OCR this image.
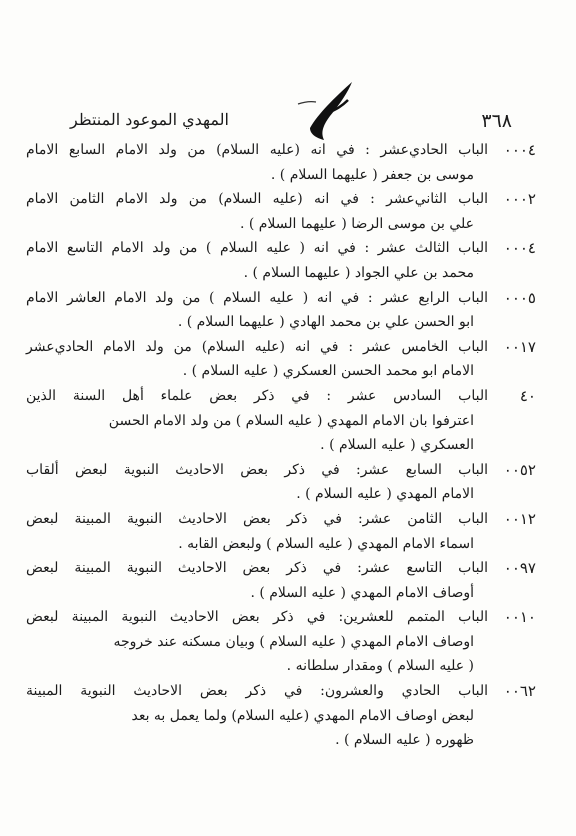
٣٦٨
المهدي الموعود المنتظر
٠٠٠٤
الباب الحادي‌عشر : في انه (عليه السلام) من ولد الامام السابع الامام
موسى بن جعفر ( عليهما السلام ) .
٠٠٠٢
الباب الثاني‌عشر : في انه (عليه السلام) من ولد الامام الثامن الامام
علي بن موسى الرضا ( عليهما السلام ) .
٠٠٠٤
الباب الثالث عشر : في انه ( عليه السلام ) من ولد الامام التاسع الامام
محمد بن علي الجواد ( عليهما السلام ) .
٠٠٠٥
الباب الرابع عشر : في انه ( عليه السلام ) من ولد الامام العاشر الامام
ابو الحسن علي بن محمد الهادي ( عليهما السلام ) .
٠٠١٧
الباب الخامس عشر : في انه (عليه السلام) من ولد الامام الحادي‌عشر
الامام ابو محمد الحسن العسكري ( عليه السلام ) .
٤٠
الباب السادس عشر : في ذكر بعض علماء أهل السنة الذين
اعترفوا بان الامام المهدي ( عليه السلام ) من ولد الامام الحسن
العسكري ( عليه السلام ) .
٠٠٥٢
الباب السابع عشر: في ذكر بعض الاحاديث النبوية لبعض ألقاب
الامام المهدي ( عليه السلام ) .
٠٠١٢
الباب الثامن عشر: في ذكر بعض الاحاديث النبوية المبينة لبعض
اسماء الامام المهدي ( عليه السلام ) ولبعض القابه .
٠٠٩٧
الباب التاسع عشر: في ذكر بعض الاحاديث النبوية المبينة لبعض
أوصاف الامام المهدي ( عليه السلام ) .
٠٠١٠
الباب المتمم للعشرين: في ذكر بعض الاحاديث النبوية المبينة لبعض
اوصاف الامام المهدي ( عليه السلام ) وبيان مسكنه عند خروجه
( عليه السلام ) ومقدار سلطانه .
٠٠٦٢
الباب الحادي والعشرون: في ذكر بعض الاحاديث النبوية المبينة
لبعض اوصاف الامام المهدي (عليه السلام) ولما يعمل به بعد
ظهوره ( عليه السلام ) .
